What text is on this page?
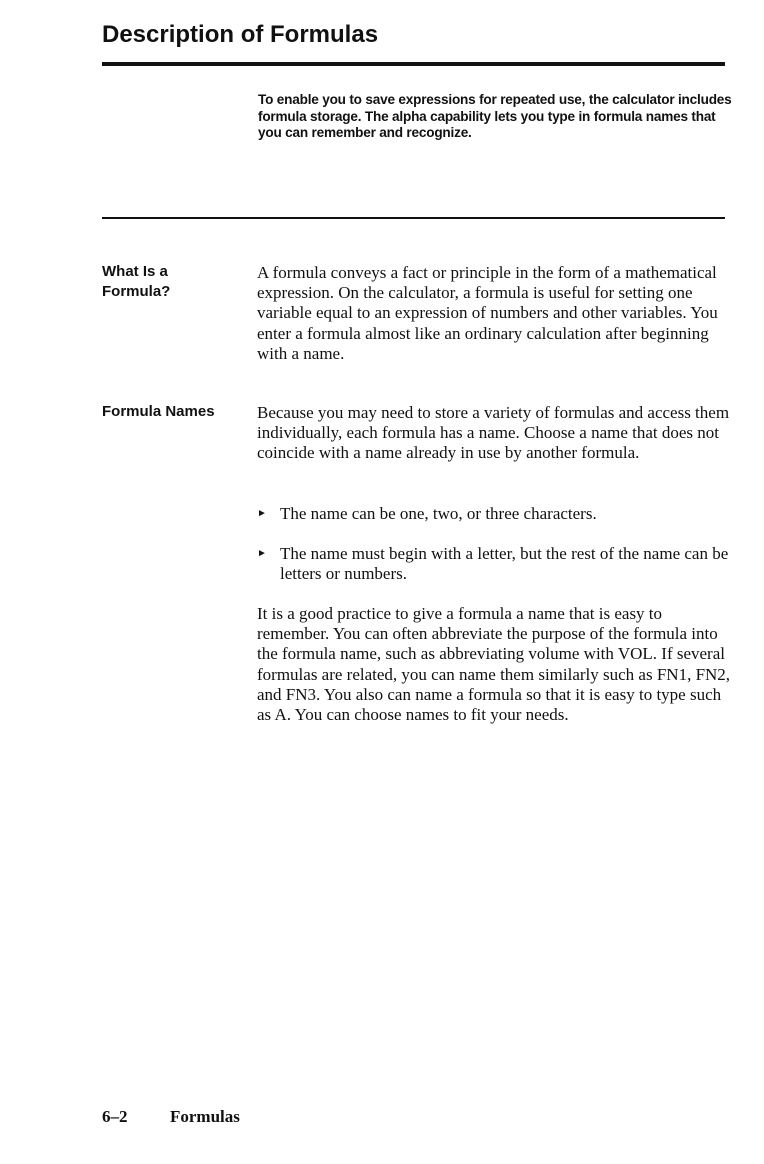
Description of Formulas

To enable you to save expressions for repeated use, the calculator includes formula storage. The alpha capability lets you type in formula names that you can remember and recognize.

What Is a
Formula?

A formula conveys a fact or principle in the form of a mathematical expression. On the calculator, a formula is useful for setting one variable equal to an expression of numbers and other variables. You enter a formula almost like an ordinary calculation after beginning with a name.

Formula Names Because you may need to store a variety of formulas and access them individually, each formula has a name. Choose a name that does not coincide with a name already in use by another formula.

► The name can be one, two, or three characters.
► The name must begin with a letter, but the rest of the name can be letters or numbers.

It is a good practice to give a formula a name that is easy to remember. You can often abbreviate the purpose of the formula into the formula name, such as abbreviating volume with VOL. If several formulas are related, you can name them similarly such as FN1, FN2, and FN3. You also can name a formula so that it is easy to type such as A. You can choose names to fit your needs.

6–2	Formulas
